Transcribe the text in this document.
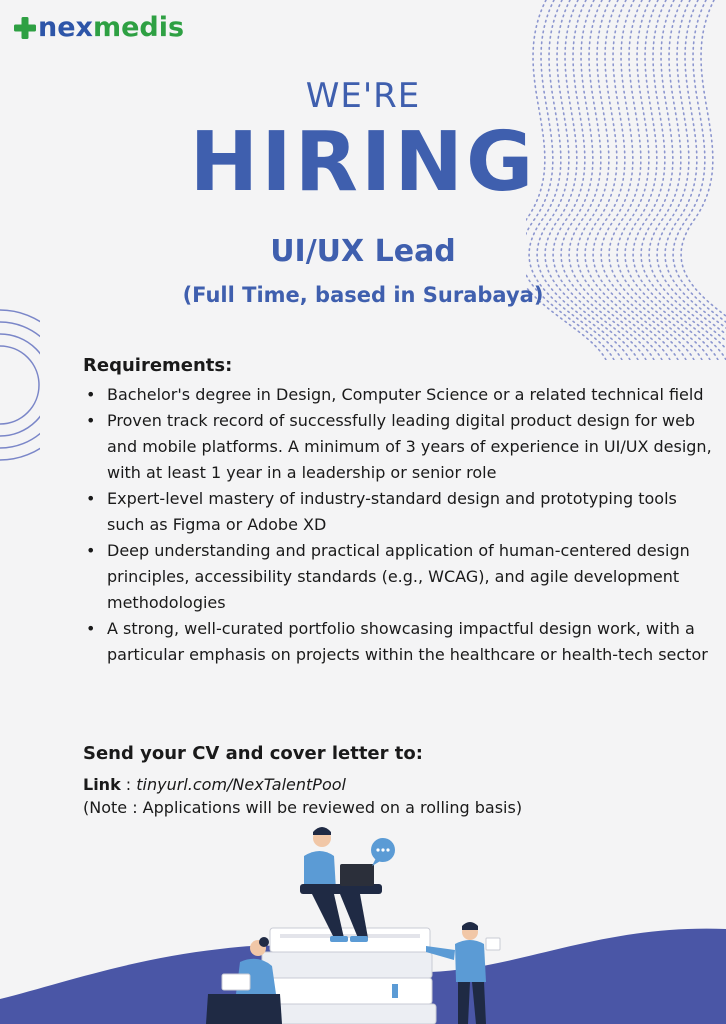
nexmedis
WE'RE
HIRING
UI/UX Lead
(Full Time, based in Surabaya)
Requirements:
• Bachelor's degree in Design, Computer Science or a related technical field
• Proven track record of successfully leading digital product design for web and mobile platforms. A minimum of 3 years of experience in UI/UX design, with at least 1 year in a leadership or senior role
• Expert-level mastery of industry-standard design and prototyping tools such as Figma or Adobe XD
• Deep understanding and practical application of human-centered design principles, accessibility standards (e.g., WCAG), and agile development methodologies
• A strong, well-curated portfolio showcasing impactful design work, with a particular emphasis on projects within the healthcare or health-tech sector
Send your CV and cover letter to:
Link : tinyurl.com/NexTalentPool
(Note : Applications will be reviewed on a rolling basis)
